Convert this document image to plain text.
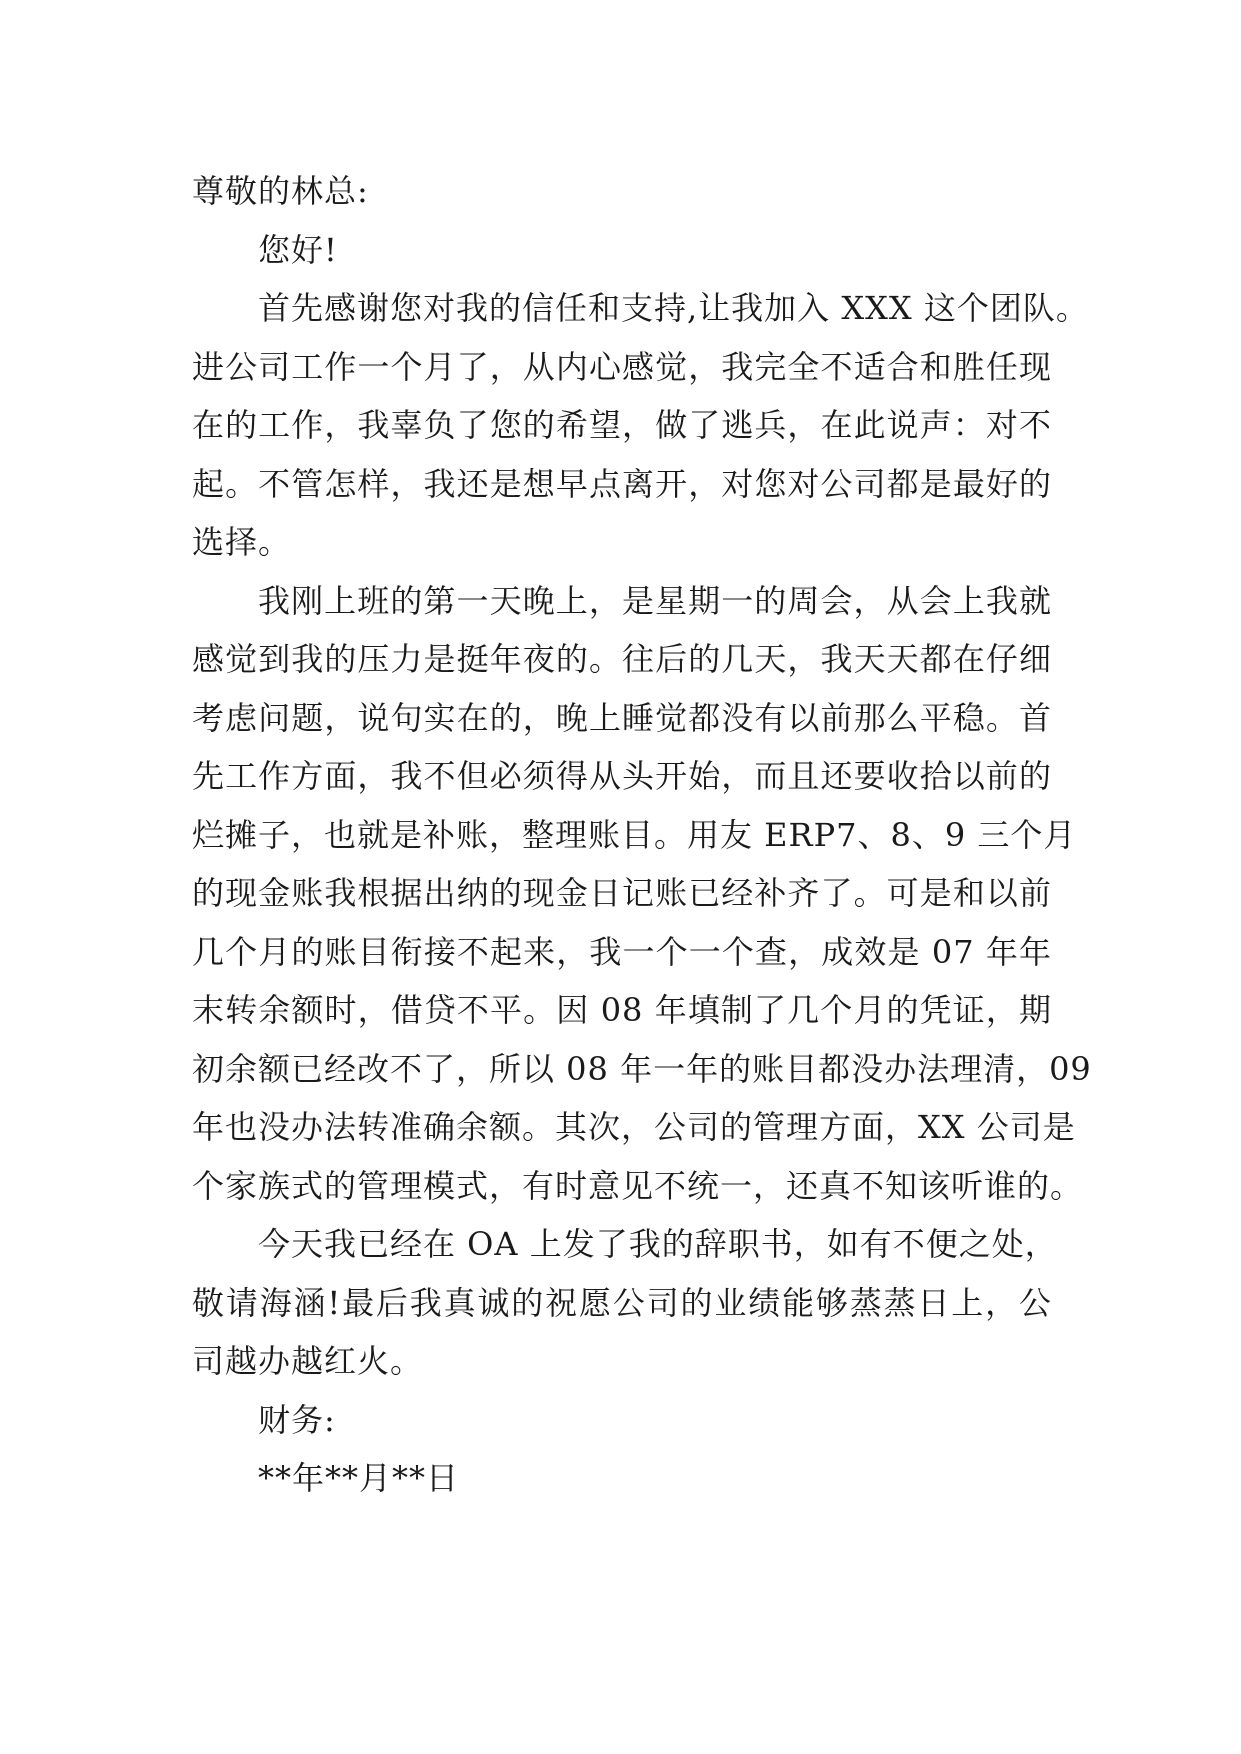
尊敬的林总:
您好!
首先感谢您对我的信任和支持,让我加入 XXX 这个团队。
进公司工作一个月了，从内心感觉，我完全不适合和胜任现
在的工作，我辜负了您的希望，做了逃兵，在此说声：对不
起。不管怎样，我还是想早点离开，对您对公司都是最好的
选择。
我刚上班的第一天晚上，是星期一的周会，从会上我就
感觉到我的压力是挺年夜的。往后的几天，我天天都在仔细
考虑问题，说句实在的，晚上睡觉都没有以前那么平稳。首
先工作方面，我不但必须得从头开始，而且还要收拾以前的
烂摊子，也就是补账，整理账目。用友 ERP7、8、9 三个月
的现金账我根据出纳的现金日记账已经补齐了。可是和以前
几个月的账目衔接不起来，我一个一个查，成效是 07 年年
末转余额时，借贷不平。因 08 年填制了几个月的凭证，期
初余额已经改不了，所以 08 年一年的账目都没办法理清，09
年也没办法转准确余额。其次，公司的管理方面，XX 公司是
个家族式的管理模式，有时意见不统一，还真不知该听谁的。
今天我已经在 OA 上发了我的辞职书，如有不便之处，
敬请海涵!最后我真诚的祝愿公司的业绩能够蒸蒸日上，公
司越办越红火。
财务:
**年**月**日
